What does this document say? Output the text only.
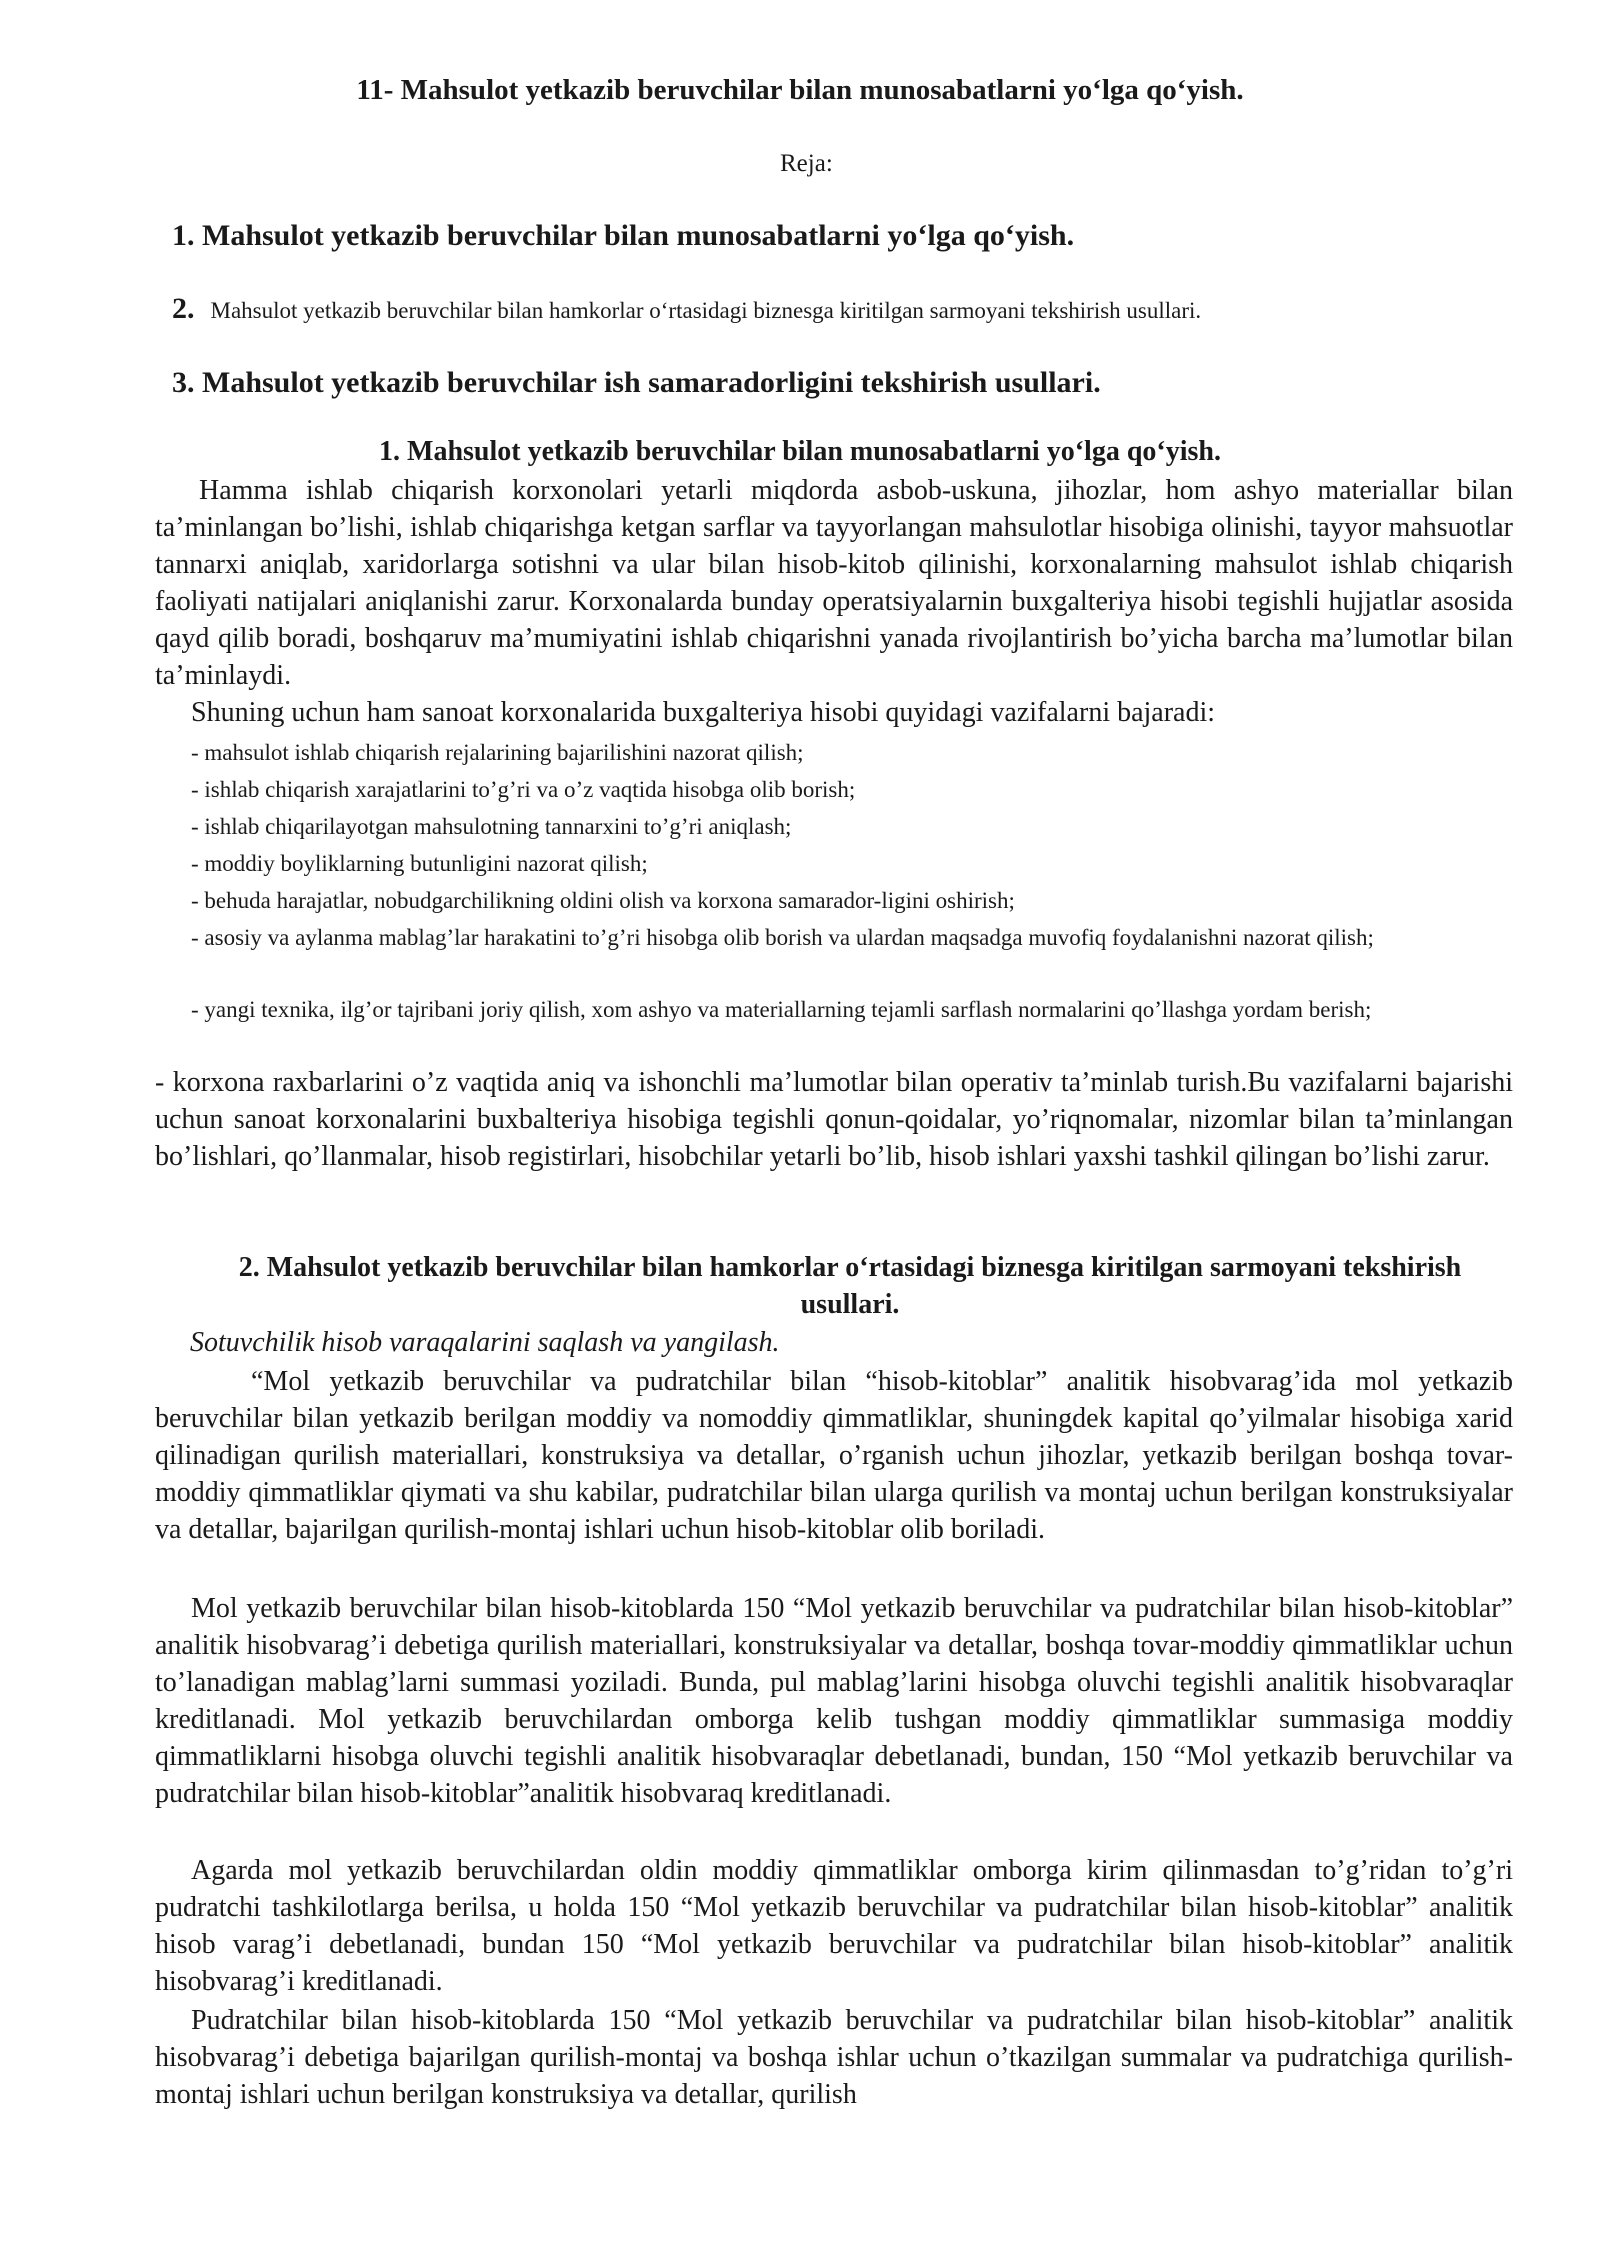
11- Mahsulot yetkazib beruvchilar bilan munosabatlarni yo‘lga qo‘yish.

Reja:

1. Mahsulot yetkazib beruvchilar bilan munosabatlarni yo‘lga qo‘yish.

2. Mahsulot yetkazib beruvchilar bilan hamkorlar o‘rtasidagi biznesga kiritilgan sarmoyani tekshirish usullari.

3. Mahsulot yetkazib beruvchilar ish samaradorligini tekshirish usullari.

1. Mahsulot yetkazib beruvchilar bilan munosabatlarni yo‘lga qo‘yish.

Hamma ishlab chiqarish korxonolari yetarli miqdorda asbob-uskuna, jihozlar, hom ashyo materiallar bilan ta’minlangan bo’lishi, ishlab chiqarishga ketgan sarflar va tayyorlangan mahsulotlar hisobiga olinishi, tayyor mahsuotlar tannarxi aniqlab, xaridorlarga sotishni va ular bilan hisob-kitob qilinishi, korxonalarning mahsulot ishlab chiqarish faoliyati natijalari aniqlanishi zarur. Korxonalarda bunday operatsiyalarnin buxgalteriya hisobi tegishli hujjatlar asosida qayd qilib boradi, boshqaruv ma’mumiyatini ishlab chiqarishni yanada rivojlantirish bo’yicha barcha ma’lumotlar bilan ta’minlaydi.

Shuning uchun ham sanoat korxonalarida buxgalteriya hisobi quyidagi vazifalarni bajaradi:

- mahsulot ishlab chiqarish rejalarining bajarilishini nazorat qilish;

- ishlab chiqarish xarajatlarini to’g’ri va o’z vaqtida hisobga olib borish;

- ishlab chiqarilayotgan mahsulotning tannarxini to’g’ri aniqlash;

- moddiy boyliklarning butunligini nazorat qilish;

- behuda harajatlar, nobudgarchilikning oldini olish va korxona samarador-ligini oshirish;

- asosiy va aylanma mablag’lar harakatini to’g’ri hisobga olib borish va ulardan maqsadga muvofiq foydalanishni nazorat qilish;

- yangi texnika, ilg’or tajribani joriy qilish, xom ashyo va materiallarning tejamli sarflash normalarini qo’llashga yordam berish;

- korxona raxbarlarini o’z vaqtida aniq va ishonchli ma’lumotlar bilan operativ ta’minlab turish.Bu vazifalarni bajarishi uchun sanoat korxonalarini buxbalteriya hisobiga tegishli qonun-qoidalar, yo’riqnomalar, nizomlar bilan ta’minlangan bo’lishlari, qo’llanmalar, hisob registirlari, hisobchilar yetarli bo’lib, hisob ishlari yaxshi tashkil qilingan bo’lishi zarur.

2. Mahsulot yetkazib beruvchilar bilan hamkorlar o‘rtasidagi biznesga kiritilgan sarmoyani tekshirish usullari.

Sotuvchilik hisob varaqalarini saqlash va yangilash.

“Mol yetkazib beruvchilar va pudratchilar bilan “hisob-kitoblar” analitik hisobvarag’ida mol yetkazib beruvchilar bilan yetkazib berilgan moddiy va nomoddiy qimmatliklar, shuningdek kapital qo’yilmalar hisobiga xarid qilinadigan qurilish materiallari, konstruksiya va detallar, o’rganish uchun jihozlar, yetkazib berilgan boshqa tovar-moddiy qimmatliklar qiymati va shu kabilar, pudratchilar bilan ularga qurilish va montaj uchun berilgan konstruksiyalar va detallar, bajarilgan qurilish-montaj ishlari uchun hisob-kitoblar olib boriladi.

Mol yetkazib beruvchilar bilan hisob-kitoblarda 150 “Mol yetkazib beruvchilar va pudratchilar bilan hisob-kitoblar” analitik hisobvarag’i debetiga qurilish materiallari, konstruksiyalar va detallar, boshqa tovar-moddiy qimmatliklar uchun to’lanadigan mablag’larni summasi yoziladi. Bunda, pul mablag’larini hisobga oluvchi tegishli analitik hisobvaraqlar kreditlanadi. Mol yetkazib beruvchilardan omborga kelib tushgan moddiy qimmatliklar summasiga moddiy qimmatliklarni hisobga oluvchi tegishli analitik hisobvaraqlar debetlanadi, bundan, 150 “Mol yetkazib beruvchilar va pudratchilar bilan hisob-kitoblar”analitik hisobvaraq kreditlanadi.

Agarda mol yetkazib beruvchilardan oldin moddiy qimmatliklar omborga kirim qilinmasdan to’g’ridan to’g’ri pudratchi tashkilotlarga berilsa, u holda 150 “Mol yetkazib beruvchilar va pudratchilar bilan hisob-kitoblar” analitik hisob varag’i debetlanadi, bundan 150 “Mol yetkazib beruvchilar va pudratchilar bilan hisob-kitoblar” analitik hisobvarag’i kreditlanadi.

Pudratchilar bilan hisob-kitoblarda 150 “Mol yetkazib beruvchilar va pudratchilar bilan hisob-kitoblar” analitik hisobvarag’i debetiga bajarilgan qurilish-montaj va boshqa ishlar uchun o’tkazilgan summalar va pudratchiga qurilish-montaj ishlari uchun berilgan konstruksiya va detallar, qurilish
